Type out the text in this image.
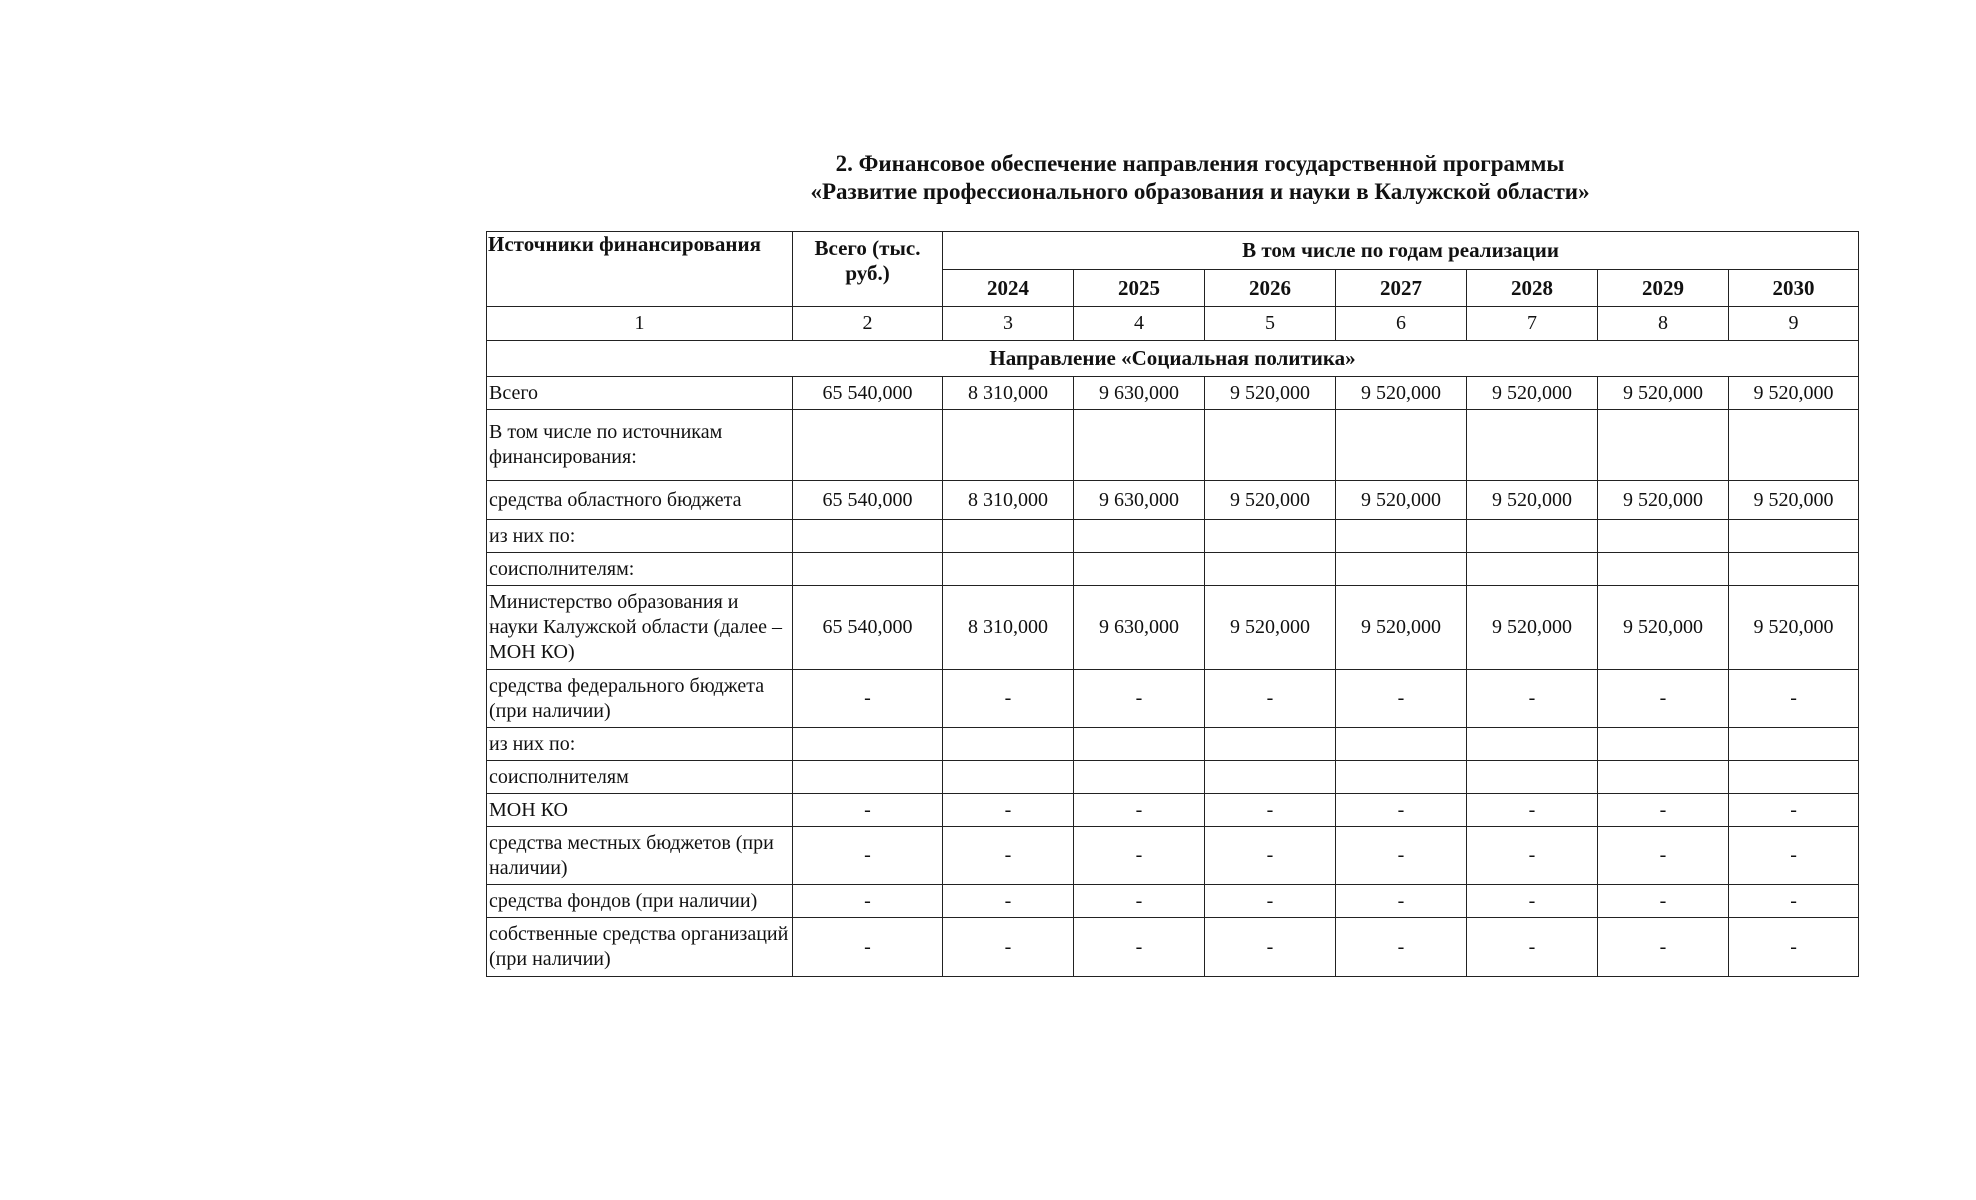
2. Финансовое обеспечение направления государственной программы
«Развитие профессионального образования и науки в Калужской области»
Источники финансирования	Всего (тыс. руб.)	В том числе по годам реализации						
		2024	2025	2026	2027	2028	2029	2030
1	2	3	4	5	6	7	8	9
Направление «Социальная политика»								
Всего	65 540,000	8 310,000	9 630,000	9 520,000	9 520,000	9 520,000	9 520,000	9 520,000
В том числе по источникам финансирования:								
средства областного бюджета	65 540,000	8 310,000	9 630,000	9 520,000	9 520,000	9 520,000	9 520,000	9 520,000
из них по:								
соисполнителям:								
Министерство образования и науки Калужской области (далее – МОН КО)	65 540,000	8 310,000	9 630,000	9 520,000	9 520,000	9 520,000	9 520,000	9 520,000
средства федерального бюджета (при наличии)	-	-	-	-	-	-	-	-
из них по:								
соисполнителям								
МОН КО	-	-	-	-	-	-	-	-
средства местных бюджетов (при наличии)	-	-	-	-	-	-	-	-
средства фондов (при наличии)	-	-	-	-	-	-	-	-
собственные средства организаций (при наличии)	-	-	-	-	-	-	-	-
